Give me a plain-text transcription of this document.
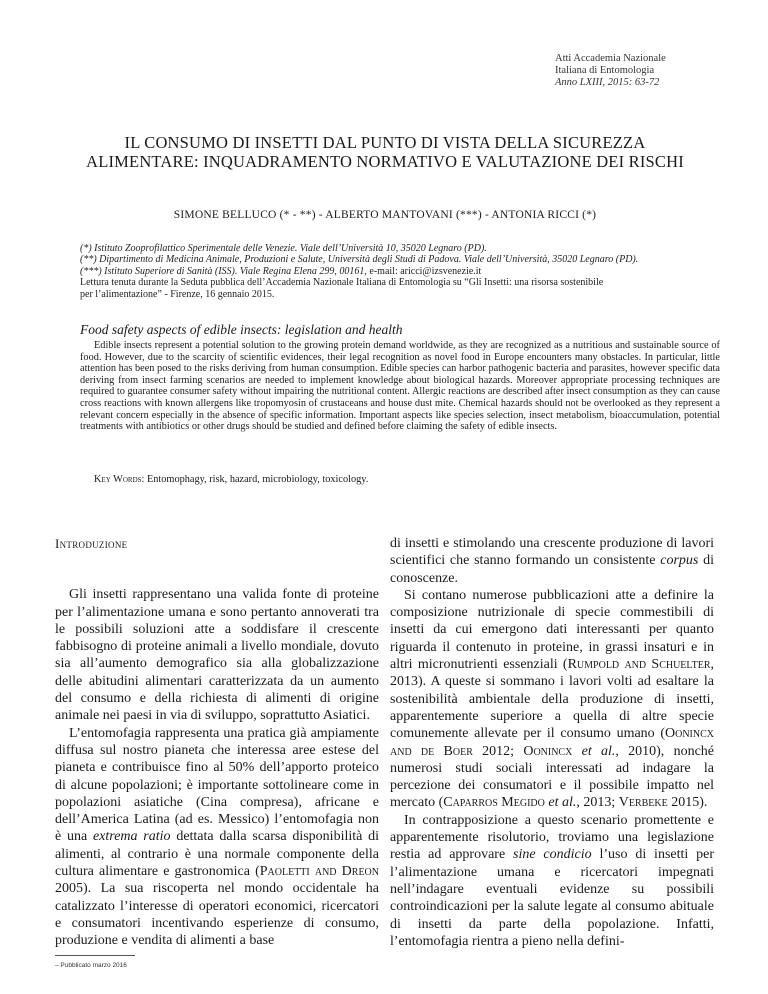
Atti Accademia Nazionale
Italiana di Entomologia
Anno LXIII, 2015: 63-72
IL CONSUMO DI INSETTI DAL PUNTO DI VISTA DELLA SICUREZZA
ALIMENTARE: INQUADRAMENTO NORMATIVO E VALUTAZIONE DEI RISCHI
SIMONE BELLUCO (* - **) - ALBERTO MANTOVANI (***) - ANTONIA RICCI (*)
(*) Istituto Zooprofilattico Sperimentale delle Venezie. Viale dell’Università 10, 35020 Legnaro (PD).
(**) Dipartimento di Medicina Animale, Produzioni e Salute, Università degli Studi di Padova. Viale dell’Università, 35020 Legnaro (PD).
(***) Istituto Superiore di Sanità (ISS). Viale Regina Elena 299, 00161, e-mail: aricci@izsvenezie.it
Lettura tenuta durante la Seduta pubblica dell’Accademia Nazionale Italiana di Entomologia su “Gli Insetti: una risorsa sostenibile
per l’alimentazione” - Firenze, 16 gennaio 2015.
Food safety aspects of edible insects: legislation and health
Edible insects represent a potential solution to the growing protein demand worldwide, as they are recognized as a nutritious and sustainable source of food. However, due to the scarcity of scientific evidences, their legal recognition as novel food in Europe encounters many obstacles. In particular, little attention has been posed to the risks deriving from human consumption. Edible species can harbor pathogenic bacteria and parasites, however specific data deriving from insect farming scenarios are needed to implement knowledge about biological hazards. Moreover appropriate processing techniques are required to guarantee consumer safety without impairing the nutritional content. Allergic reactions are described after insect consumption as they can cause cross reactions with known allergens like tropomyosin of crustaceans and house dust mite. Chemical hazards should not be overlooked as they represent a relevant concern especially in the absence of specific information. Important aspects like species selection, insect metabolism, bioaccumulation, potential treatments with antibiotics or other drugs should be studied and defined before claiming the safety of edible insects.
Key Words: Entomophagy, risk, hazard, microbiology, toxicology.
Introduzione

Gli insetti rappresentano una valida fonte di proteine per l’alimentazione umana e sono pertanto annoverati tra le possibili soluzioni atte a soddisfare il crescente fabbisogno di proteine animali a livello mondiale, dovuto sia all’aumento demografico sia alla globalizzazione delle abitudini alimentari caratterizzata da un aumento del consumo e della richiesta di alimenti di origine animale nei paesi in via di sviluppo, soprattutto Asiatici.

L’entomofagia rappresenta una pratica già ampiamente diffusa sul nostro pianeta che interessa aree estese del pianeta e contribuisce fino al 50% dell’apporto proteico di alcune popolazioni; è importante sottolineare come in popolazioni asiatiche (Cina compresa), africane e dell’America Latina (ad es. Messico) l’entomofagia non è una extrema ratio dettata dalla scarsa disponibilità di alimenti, al contrario è una normale componente della cultura alimentare e gastronomica (Paoletti and Dreon 2005). La sua riscoperta nel mondo occidentale ha catalizzato l’interesse di operatori economici, ricercatori e consumatori incentivando esperienze di consumo, produzione e vendita di alimenti a base

di insetti e stimolando una crescente produzione di lavori scientifici che stanno formando un consistente corpus di conoscenze.

Si contano numerose pubblicazioni atte a definire la composizione nutrizionale di specie commestibili di insetti da cui emergono dati interessanti per quanto riguarda il contenuto in proteine, in grassi insaturi e in altri micronutrienti essenziali (Rumpold and Schuelter, 2013). A queste si sommano i lavori volti ad esaltare la sostenibilità ambientale della produzione di insetti, apparentemente superiore a quella di altre specie comunemente allevate per il consumo umano (Oonincx and de Boer 2012; Oonincx et al., 2010), nonché numerosi studi sociali interessati ad indagare la percezione dei consumatori e il possibile impatto nel mercato (Caparros Megido et al., 2013; Verbeke 2015).

In contrapposizione a questo scenario promettente e apparentemente risolutorio, troviamo una legislazione restia ad approvare sine condicio l’uso di insetti per l’alimentazione umana e ricercatori impegnati nell’indagare eventuali evidenze su possibili controindicazioni per la salute legate al consumo abituale di insetti da parte della popolazione. Infatti, l’entomofagia rientra a pieno nella defini-

– Pubblicato marzo 2016
